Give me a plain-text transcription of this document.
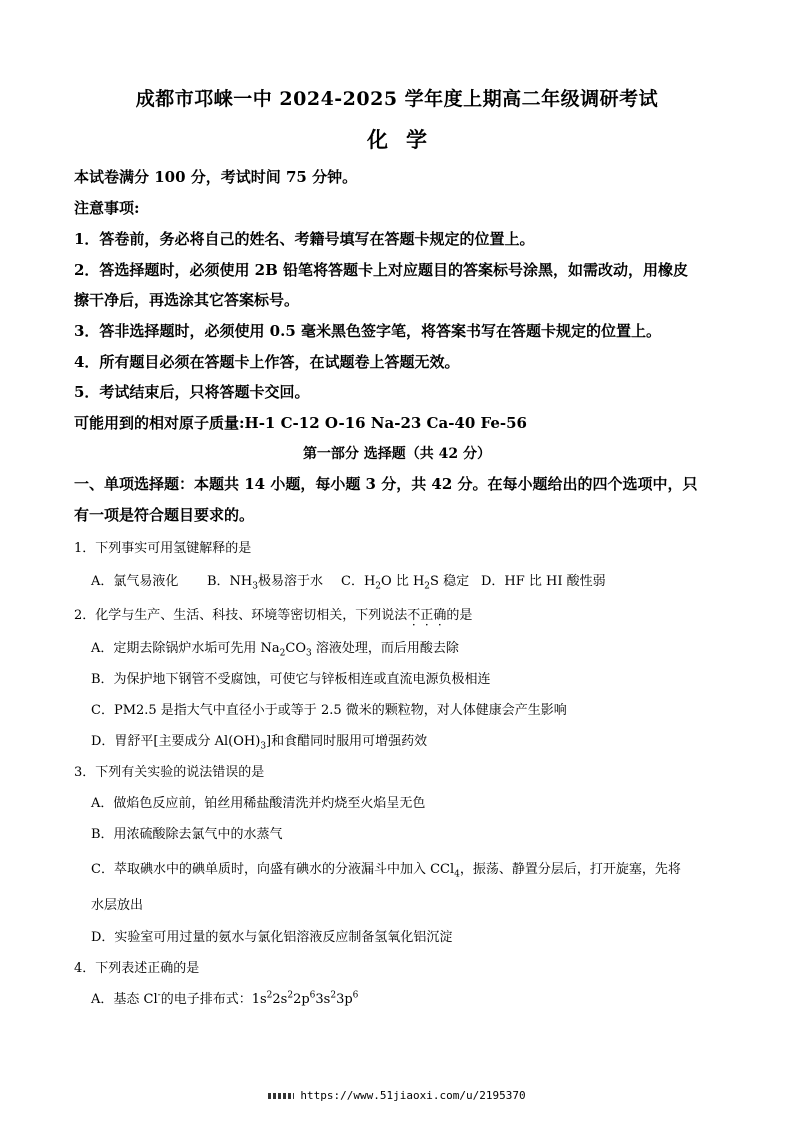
成都市邛崃一中 2024-2025 学年度上期高二年级调研考试
化学
本试卷满分 100 分，考试时间 75 分钟。
注意事项:
1．答卷前，务必将自己的姓名、考籍号填写在答题卡规定的位置上。
2．答选择题时，必须使用 2B 铅笔将答题卡上对应题目的答案标号涂黑，如需改动，用橡皮
擦干净后，再选涂其它答案标号。
3．答非选择题时，必须使用 0.5 毫米黑色签字笔，将答案书写在答题卡规定的位置上。
4．所有题目必须在答题卡上作答，在试题卷上答题无效。
5．考试结束后，只将答题卡交回。
可能用到的相对原子质量:H-1 C-12 O-16 Na-23 Ca-40 Fe-56
第一部分 选择题（共 42 分）
一、单项选择题：本题共 14 小题，每小题 3 分，共 42 分。在每小题给出的四个选项中，只
有一项是符合题目要求的。
1．下列事实可用氢键解释的是
A．氯气易液化	B．$NH_3$极易溶于水	C．$H_2O$ 比 $H_2S$ 稳定 D．HF 比 HI 酸性弱
2．化学与生产、生活、科技、环境等密切相关，下列说法不正确的是
A．定期去除锅炉水垢可先用 $Na_2CO_3$ 溶液处理，而后用酸去除
B．为保护地下钢管不受腐蚀，可使它与锌板相连或直流电源负极相连
C．PM2.5 是指大气中直径小于或等于 2.5 微米的颗粒物，对人体健康会产生影响
D．胃舒平[主要成分 $Al(OH)_3$]和食醋同时服用可增强药效
3．下列有关实验的说法错误的是
A．做焰色反应前，铂丝用稀盐酸清洗并灼烧至火焰呈无色
B．用浓硫酸除去氯气中的水蒸气
C．萃取碘水中的碘单质时，向盛有碘水的分液漏斗中加入 CCl$_4$，振荡、静置分层后，打开旋塞，先将
水层放出
D．实验室可用过量的氨水与氯化铝溶液反应制备氢氧化铝沉淀
4．下列表述正确的是
A．基态 Cl-的电子排布式：$1s^22s^22p^63s^23p^6$
https://www.51jiaoxi.com/u/2195370
